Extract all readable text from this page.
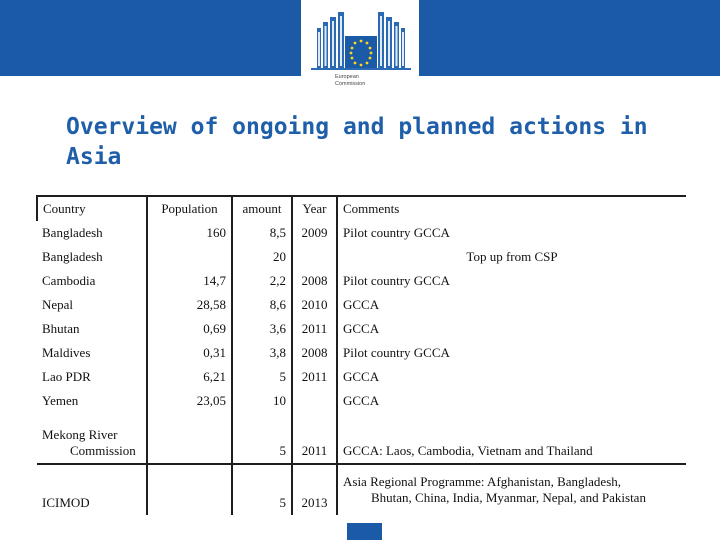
European
Commission
Overview of ongoing and planned actions in Asia
Country	Population	amount	Year	Comments
Bangladesh	160	8,5	2009	Pilot country GCCA
Bangladesh		20		Top up from CSP
Cambodia	14,7	2,2	2008	Pilot country GCCA
Nepal	28,58	8,6	2010	GCCA
Bhutan	0,69	3,6	2011	GCCA
Maldives	0,31	3,8	2008	Pilot country GCCA
Lao PDR	6,21	5	2011	GCCA
Yemen	23,05	10		GCCA

Mekong River
Commission		5	2011	GCCA: Laos, Cambodia, Vietnam and Thailand
ICIMOD		5	2013	Asia Regional Programme: Afghanistan, Bangladesh,
Bhutan, China, India, Myanmar, Nepal, and Pakistan
